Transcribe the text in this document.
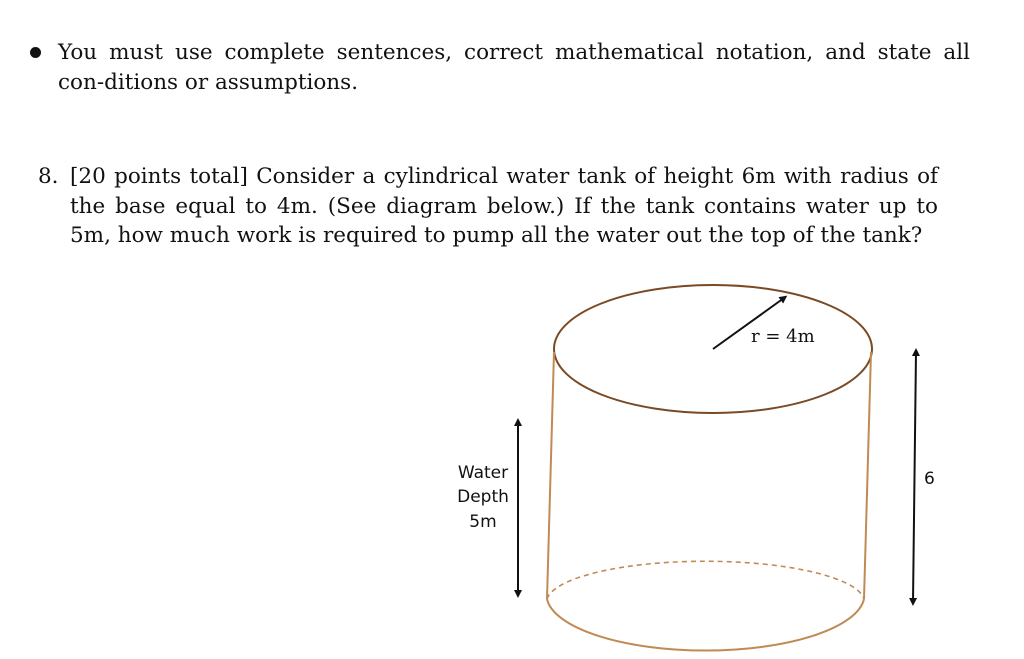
You must use complete sentences, correct mathematical notation, and state all con-ditions or assumptions.
8. [20 points total] Consider a cylindrical water tank of height 6m with radius of the base equal to 4m. (See diagram below.) If the tank contains water up to 5m, how much work is required to pump all the water out the top of the tank?
r = 4m
Water
Depth
5m
6
